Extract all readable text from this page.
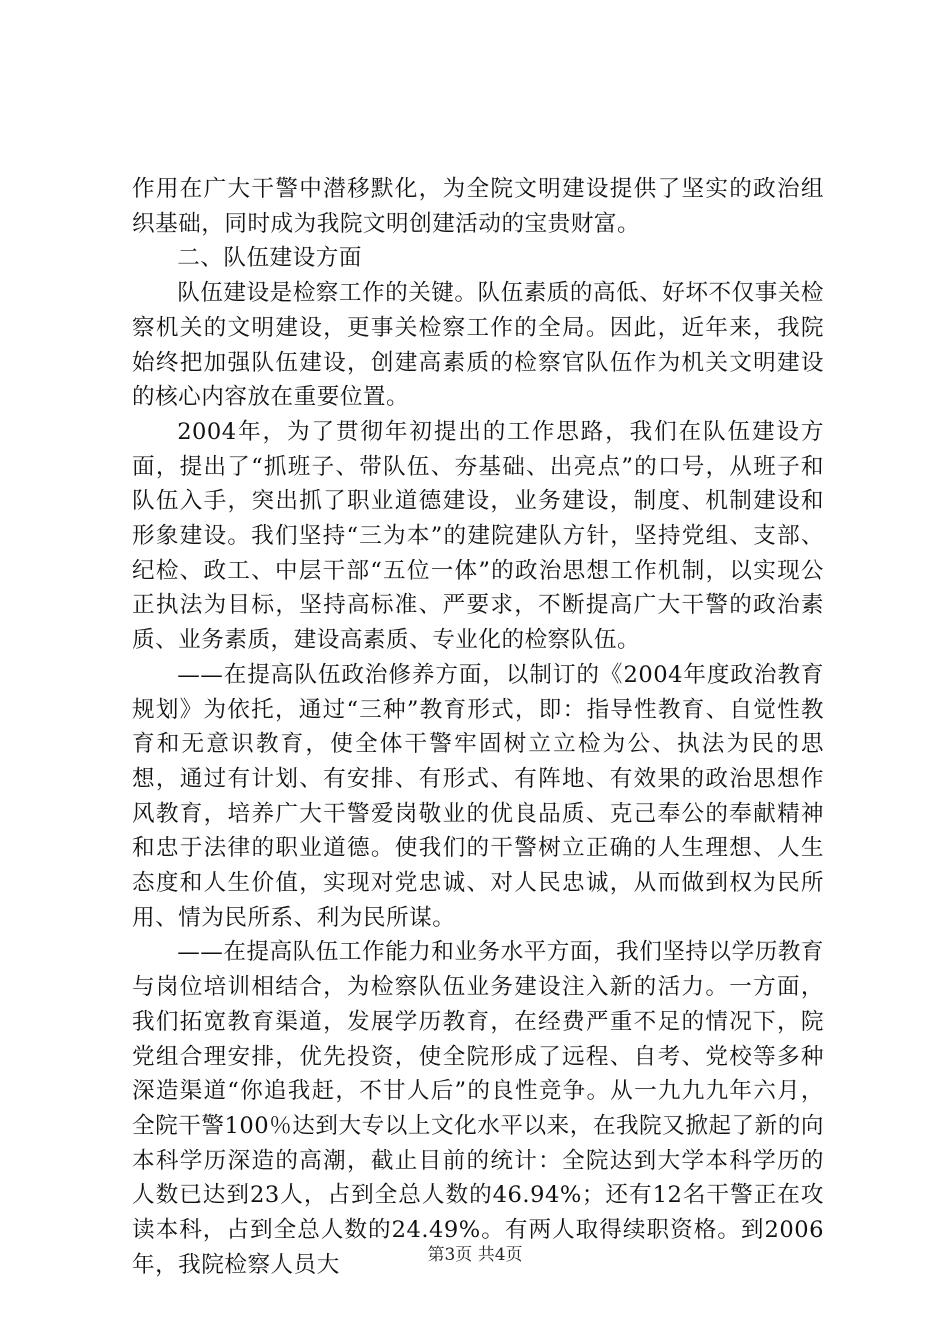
作用在广大干警中潜移默化，为全院文明建设提供了坚实的政治组织基础，同时成为我院文明创建活动的宝贵财富。

二、队伍建设方面

队伍建设是检察工作的关键。队伍素质的高低、好坏不仅事关检察机关的文明建设，更事关检察工作的全局。因此，近年来，我院始终把加强队伍建设，创建高素质的检察官队伍作为机关文明建设的核心内容放在重要位置。

2004年，为了贯彻年初提出的工作思路，我们在队伍建设方面，提出了“抓班子、带队伍、夯基础、出亮点”的口号，从班子和队伍入手，突出抓了职业道德建设，业务建设，制度、机制建设和形象建设。我们坚持“三为本”的建院建队方针，坚持党组、支部、纪检、政工、中层干部“五位一体”的政治思想工作机制，以实现公正执法为目标，坚持高标准、严要求，不断提高广大干警的政治素质、业务素质，建设高素质、专业化的检察队伍。

——在提高队伍政治修养方面，以制订的《2004年度政治教育规划》为依托，通过“三种”教育形式，即：指导性教育、自觉性教育和无意识教育，使全体干警牢固树立立检为公、执法为民的思想，通过有计划、有安排、有形式、有阵地、有效果的政治思想作风教育，培养广大干警爱岗敬业的优良品质、克己奉公的奉献精神和忠于法律的职业道德。使我们的干警树立正确的人生理想、人生态度和人生价值，实现对党忠诚、对人民忠诚，从而做到权为民所用、情为民所系、利为民所谋。

——在提高队伍工作能力和业务水平方面，我们坚持以学历教育与岗位培训相结合，为检察队伍业务建设注入新的活力。一方面，我们拓宽教育渠道，发展学历教育，在经费严重不足的情况下，院党组合理安排，优先投资，使全院形成了远程、自考、党校等多种深造渠道“你追我赶，不甘人后”的良性竞争。从一九九九年六月，全院干警100％达到大专以上文化水平以来，在我院又掀起了新的向本科学历深造的高潮，截止目前的统计：全院达到大学本科学历的人数已达到23人，占到全总人数的46.94%；还有12名干警正在攻读本科，占到全总人数的24.49%。有两人取得续职资格。到2006年，我院检察人员大	第3页 共4页
